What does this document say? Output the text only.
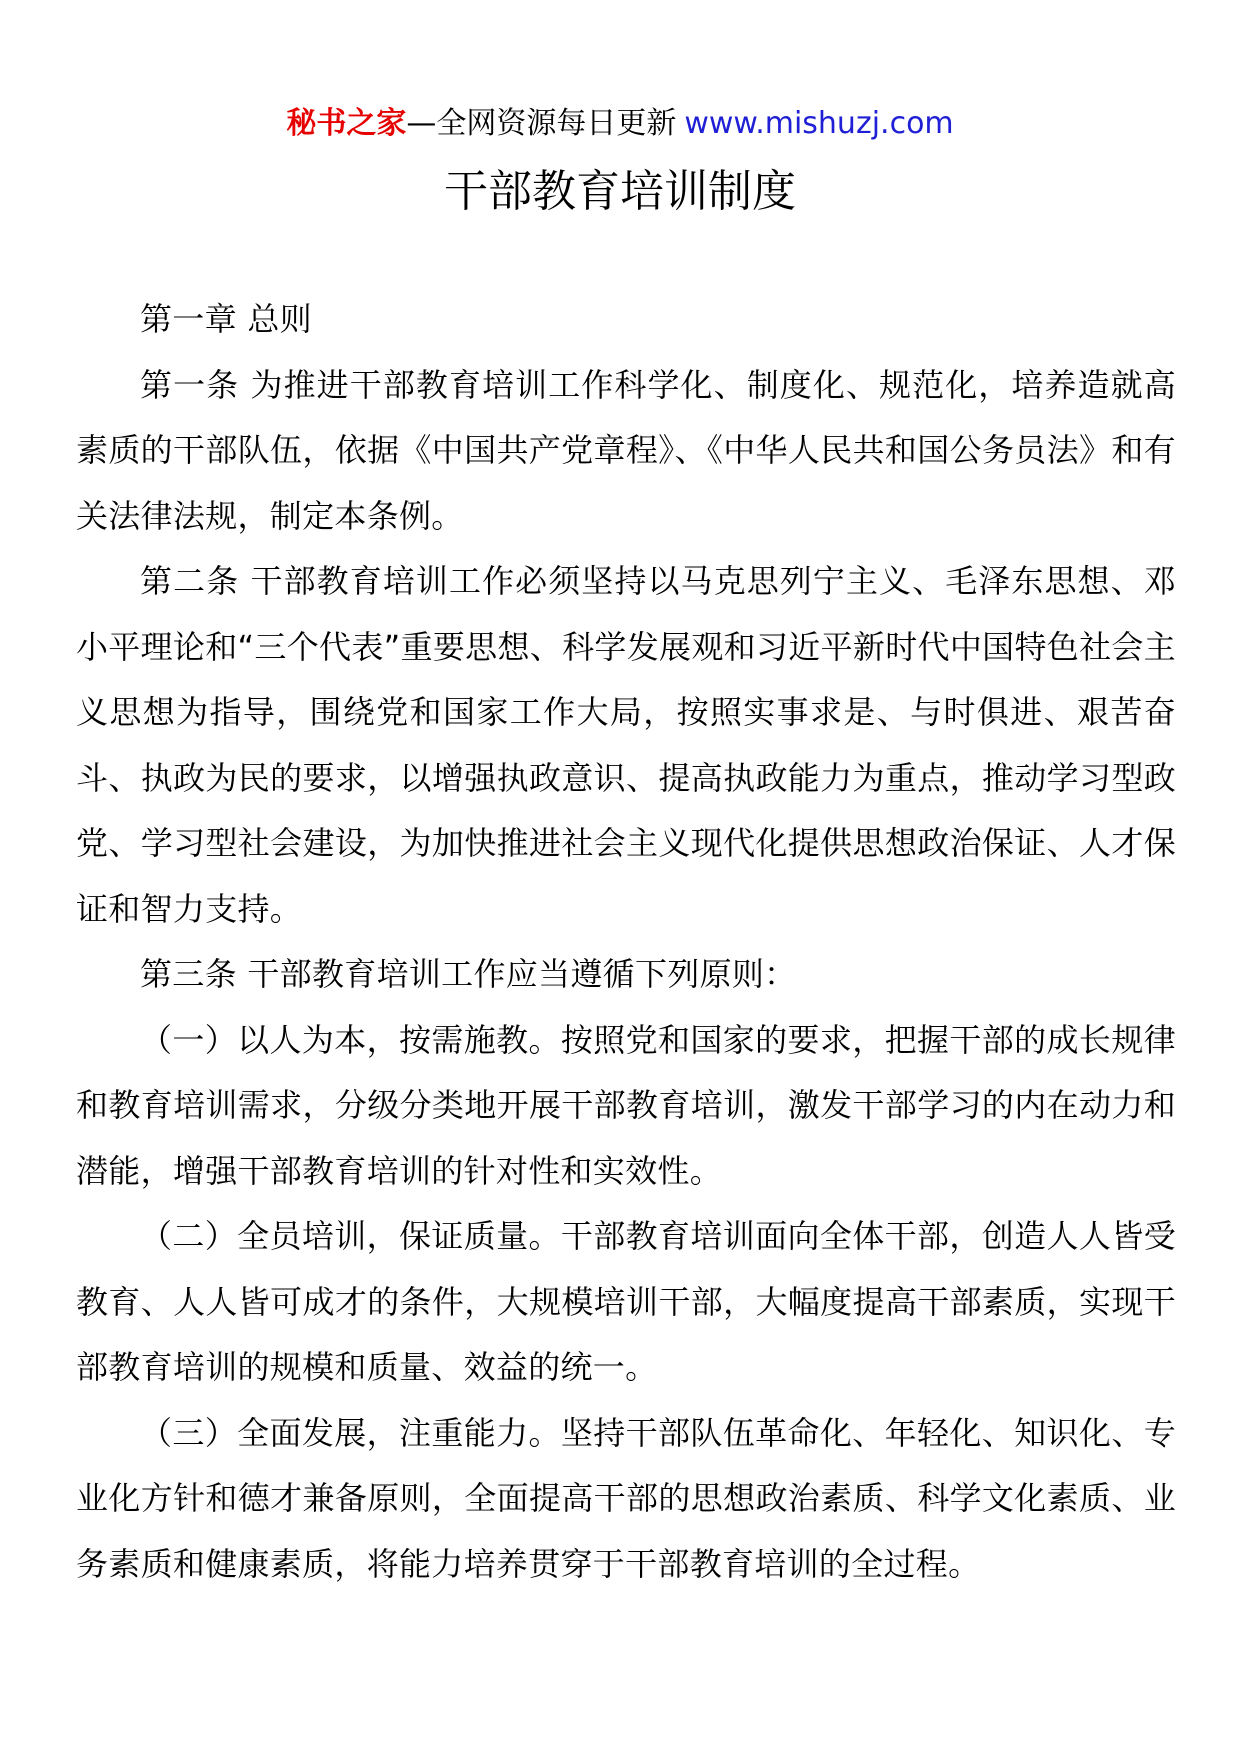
秘书之家—全网资源每日更新 www.mishuzj.com
干部教育培训制度

第一章 总则

第一条 为推进干部教育培训工作科学化、制度化、规范化，培养造就高素质的干部队伍，依据《中国共产党章程》、《中华人民共和国公务员法》和有关法律法规，制定本条例。

第二条 干部教育培训工作必须坚持以马克思列宁主义、毛泽东思想、邓小平理论和“三个代表”重要思想、科学发展观和习近平新时代中国特色社会主义思想为指导，围绕党和国家工作大局，按照实事求是、与时俱进、艰苦奋斗、执政为民的要求，以增强执政意识、提高执政能力为重点，推动学习型政党、学习型社会建设，为加快推进社会主义现代化提供思想政治保证、人才保证和智力支持。

第三条 干部教育培训工作应当遵循下列原则：

（一）以人为本，按需施教。按照党和国家的要求，把握干部的成长规律和教育培训需求，分级分类地开展干部教育培训，激发干部学习的内在动力和潜能，增强干部教育培训的针对性和实效性。

（二）全员培训，保证质量。干部教育培训面向全体干部，创造人人皆受教育、人人皆可成才的条件，大规模培训干部，大幅度提高干部素质，实现干部教育培训的规模和质量、效益的统一。

（三）全面发展，注重能力。坚持干部队伍革命化、年轻化、知识化、专业化方针和德才兼备原则，全面提高干部的思想政治素质、科学文化素质、业务素质和健康素质，将能力培养贯穿于干部教育培训的全过程。
